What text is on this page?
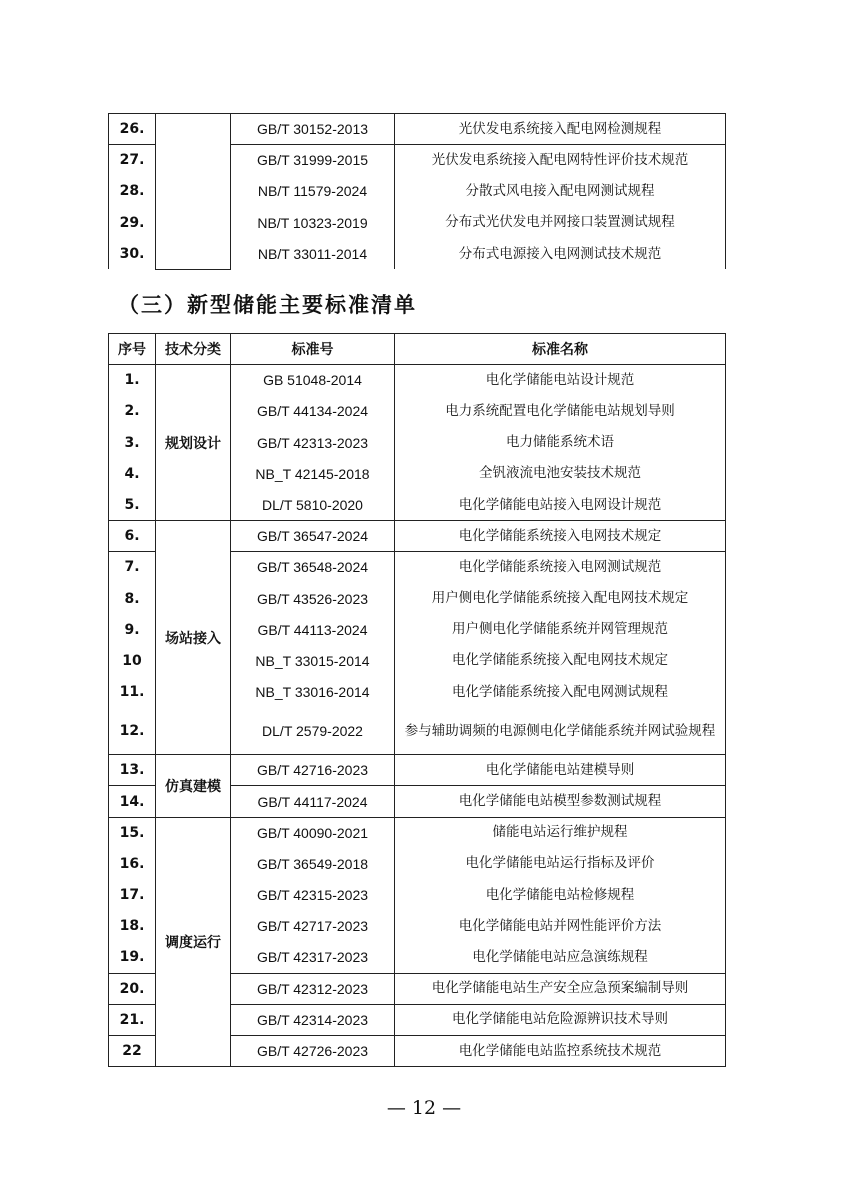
26.		GB/T 30152-2013	光伏发电系统接入配电网检测规程
27.		GB/T 31999-2015	光伏发电系统接入配电网特性评价技术规范
28.		NB/T 11579-2024	分散式风电接入配电网测试规程
29.		NB/T 10323-2019	分布式光伏发电并网接口装置测试规程
30.		NB/T 33011-2014	分布式电源接入电网测试技术规范
（三）新型储能主要标准清单
序号	技术分类	标准号	标准名称
1.	规划设计	GB 51048-2014	电化学储能电站设计规范
2.		GB/T 44134-2024	电力系统配置电化学储能电站规划导则
3.		GB/T 42313-2023	电力储能系统术语
4.		NB_T 42145-2018	全钒液流电池安装技术规范
5.		DL/T 5810-2020	电化学储能电站接入电网设计规范
6.	场站接入	GB/T 36547-2024	电化学储能系统接入电网技术规定
7.		GB/T 36548-2024	电化学储能系统接入电网测试规范
8.		GB/T 43526-2023	用户侧电化学储能系统接入配电网技术规定
9.		GB/T 44113-2024	用户侧电化学储能系统并网管理规范
10		NB_T 33015-2014	电化学储能系统接入配电网技术规定
11.		NB_T 33016-2014	电化学储能系统接入配电网测试规程
12.		DL/T 2579-2022	参与辅助调频的电源侧电化学储能系统并网试验规程
13.	仿真建模	GB/T 42716-2023	电化学储能电站建模导则
14.		GB/T 44117-2024	电化学储能电站模型参数测试规程
15.	调度运行	GB/T 40090-2021	储能电站运行维护规程
16.		GB/T 36549-2018	电化学储能电站运行指标及评价
17.		GB/T 42315-2023	电化学储能电站检修规程
18.		GB/T 42717-2023	电化学储能电站并网性能评价方法
19.		GB/T 42317-2023	电化学储能电站应急演练规程
20.		GB/T 42312-2023	电化学储能电站生产安全应急预案编制导则
21.		GB/T 42314-2023	电化学储能电站危险源辨识技术导则
22		GB/T 42726-2023	电化学储能电站监控系统技术规范
— 12 —
